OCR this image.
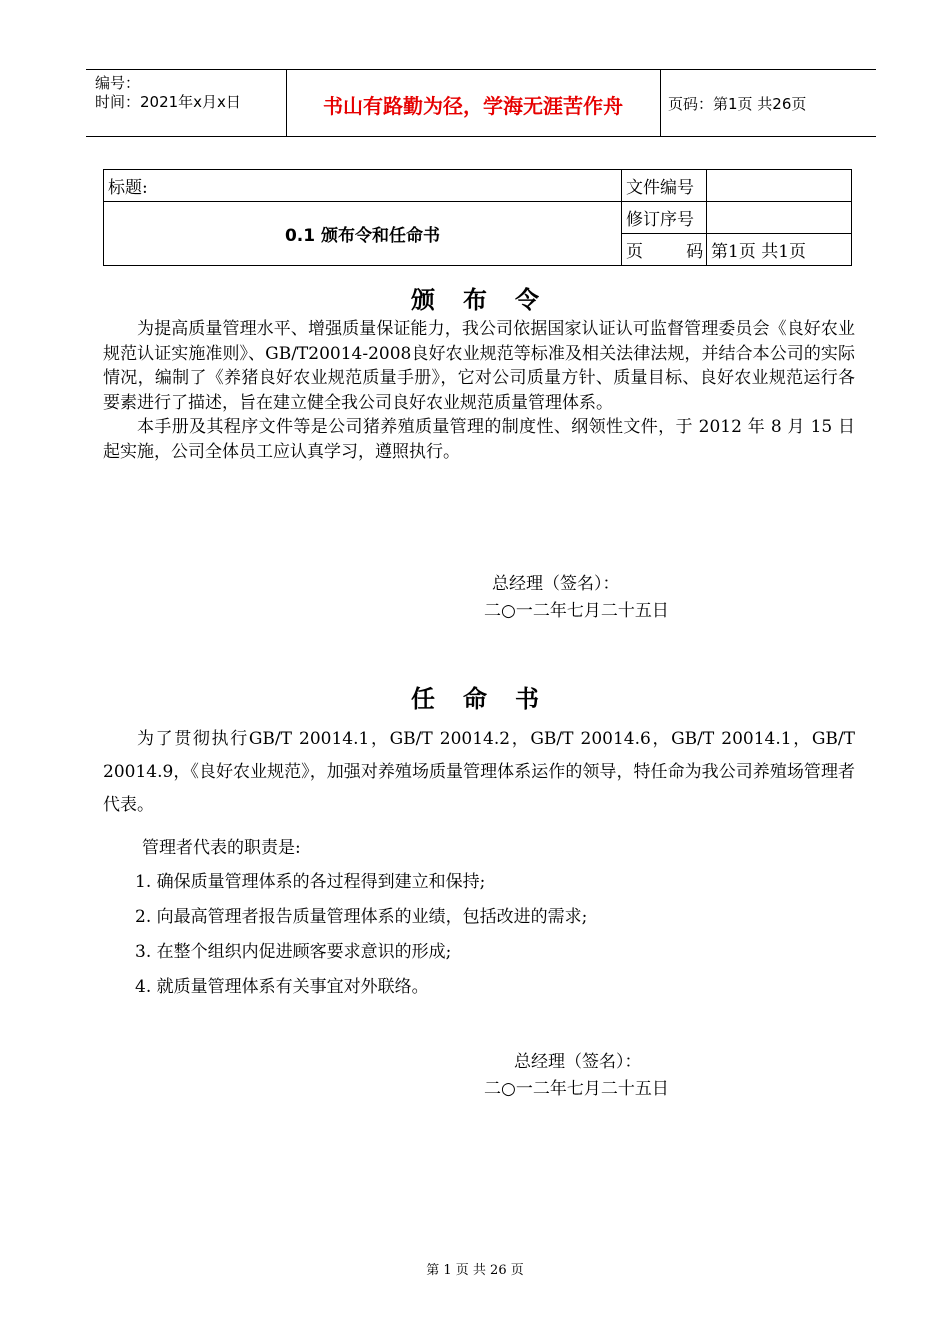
编号：
时间：2021年x月x日	书山有路勤为径，学海无涯苦作舟	页码：第1页 共26页
标题:	文件编号	
0.1 颁布令和任命书	修订序号	
	页        码	第1页 共1页
颁布令

为提高质量管理水平、增强质量保证能力，我公司依据国家认证认可监督管理委员会《良好农业规范认证实施准则》、GB/T20014-2008良好农业规范等标准及相关法律法规，并结合本公司的实际情况，编制了《养猪良好农业规范质量手册》，它对公司质量方针、质量目标、良好农业规范运行各要素进行了描述，旨在建立健全我公司良好农业规范质量管理体系。

本手册及其程序文件等是公司猪养殖质量管理的制度性、纲领性文件，于 2012 年 8 月 15 日起实施，公司全体员工应认真学习，遵照执行。

总经理（签名）：
二○一二年七月二十五日
任命书

为了贯彻执行GB/T 20014.1，GB/T 20014.2，GB/T 20014.6，GB/T 20014.1，GB/T 20014.9，《良好农业规范》，加强对养殖场质量管理体系运作的领导，特任命为我公司养殖场管理者代表。

管理者代表的职责是:
1. 确保质量管理体系的各过程得到建立和保持;
2. 向最高管理者报告质量管理体系的业绩，包括改进的需求;
3. 在整个组织内促进顾客要求意识的形成;
4. 就质量管理体系有关事宜对外联络。
总经理（签名）：
二○一二年七月二十五日
第 1 页 共 26 页
